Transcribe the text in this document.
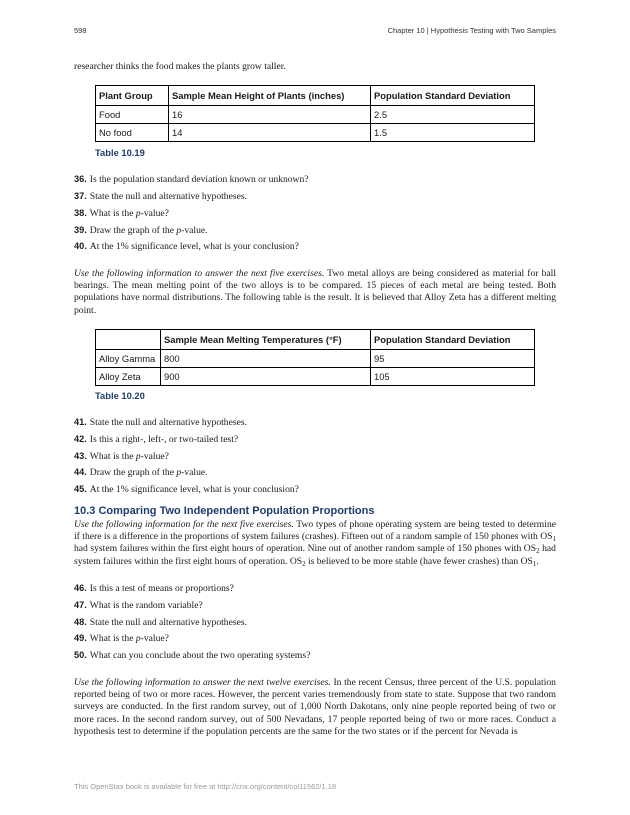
598	Chapter 10 | Hypothesis Testing with Two Samples
researcher thinks the food makes the plants grow taller.
Plant Group	Sample Mean Height of Plants (inches)	Population Standard Deviation
Food	16	2.5
No food	14	1.5
Table 10.19
36. Is the population standard deviation known or unknown?
37. State the null and alternative hypotheses.
38. What is the p-value?
39. Draw the graph of the p-value.
40. At the 1% significance level, what is your conclusion?
Use the following information to answer the next five exercises. Two metal alloys are being considered as material for ball bearings. The mean melting point of the two alloys is to be compared. 15 pieces of each metal are being tested. Both populations have normal distributions. The following table is the result. It is believed that Alloy Zeta has a different melting point.
	Sample Mean Melting Temperatures (°F)	Population Standard Deviation
Alloy Gamma	800	95
Alloy Zeta	900	105
Table 10.20
41. State the null and alternative hypotheses.
42. Is this a right-, left-, or two-tailed test?
43. What is the p-value?
44. Draw the graph of the p-value.
45. At the 1% significance level, what is your conclusion?
10.3 Comparing Two Independent Population Proportions
Use the following information for the next five exercises. Two types of phone operating system are being tested to determine if there is a difference in the proportions of system failures (crashes). Fifteen out of a random sample of 150 phones with $OS_1$ had system failures within the first eight hours of operation. Nine out of another random sample of 150 phones with $OS_2$ had system failures within the first eight hours of operation. $OS_2$ is believed to be more stable (have fewer crashes) than $OS_1$.
46. Is this a test of means or proportions?
47. What is the random variable?
48. State the null and alternative hypotheses.
49. What is the p-value?
50. What can you conclude about the two operating systems?
Use the following information to answer the next twelve exercises. In the recent Census, three percent of the U.S. population reported being of two or more races. However, the percent varies tremendously from state to state. Suppose that two random surveys are conducted. In the first random survey, out of 1,000 North Dakotans, only nine people reported being of two or more races. In the second random survey, out of 500 Nevadans, 17 people reported being of two or more races. Conduct a hypothesis test to determine if the population percents are the same for the two states or if the percent for Nevada is
This OpenStax book is available for free at http://cnx.org/content/col11562/1.18
